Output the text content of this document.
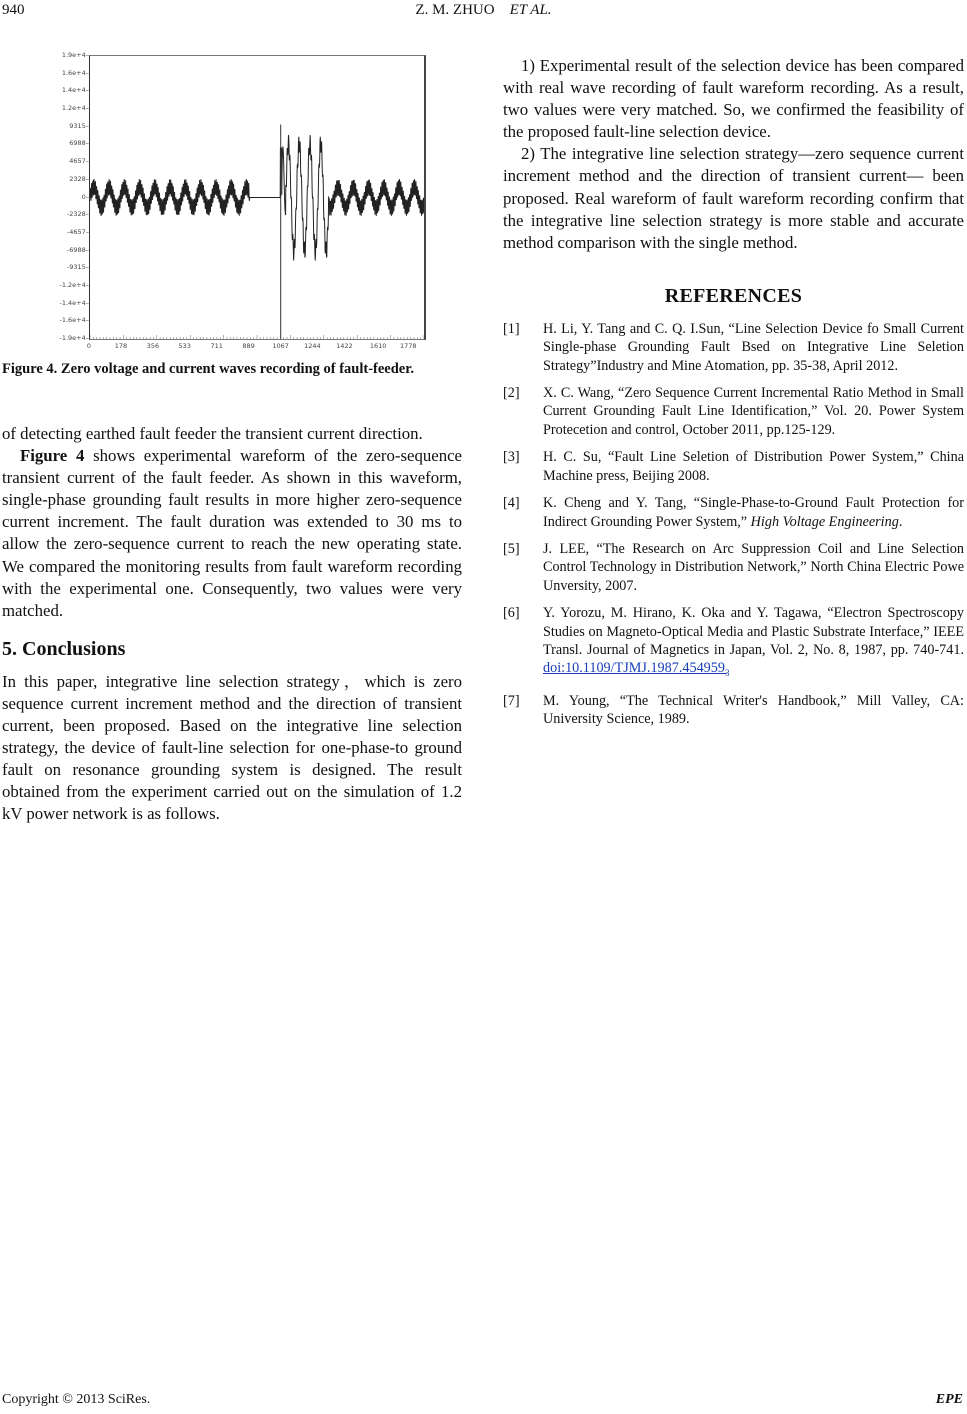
940	Z. M. ZHUO ET AL.
1.9e+4–
1.6e+4–
1.4e+4–
1.2e+4–
9315–
6988–
4657–
2328–
0–
-2328–
-4657–
-6988–
-9315–
-1.2e+4–
-1.4e+4–
-1.6e+4–
-1.9e+4–
0	178	356	533	711	889	1067 1244 1422	1610 1778
Figure 4. Zero voltage and current waves recording of fault-feeder.

of detecting earthed fault feeder the transient current direction.

Figure 4 shows experimental wareform of the zero-sequence transient current of the fault feeder. As shown in this waveform, single-phase grounding fault results in more higher zero-sequence current increment. The fault duration was extended to 30 ms to allow the zero-sequence current to reach the new operating state. We compared the monitoring results from fault wareform recording with the experimental one. Consequently, two values were very matched.

5. Conclusions

In this paper, integrative line selection strategy，which is zero sequence current increment method and the direction of transient current, been proposed. Based on the integrative line selection strategy, the device of fault-line selection for one-phase-to ground fault on resonance grounding system is designed. The result obtained from the experiment carried out on the simulation of 1.2 kV power network is as follows.

1) Experimental result of the selection device has been compared with real wave recording of fault wareform recording. As a result, two values were very matched. So, we confirmed the feasibility of the proposed fault-line selection device.

2) The integrative line selection strategy—zero sequence current increment method and the direction of transient current— been proposed. Real wareform of fault wareform recording confirm that the integrative line selection strategy is more stable and accurate method comparison with the single method.

REFERENCES
[1] H. Li, Y. Tang and C. Q. I.Sun, “Line Selection Device fo Small Current Single-phase Grounding Fault Bsed on Integrative Line Seletion Strategy”Industry and Mine Atomation, pp. 35-38, April 2012.
[2] X. C. Wang, “Zero Sequence Current Incremental Ratio Method in Small Current Grounding Fault Line Identification,” Vol. 20. Power System Protecetion and control, October 2011, pp.125-129.
[3] H. C. Su, “Fault Line Seletion of Distribution Power System,” China Machine press, Beijing 2008.
[4] K. Cheng and Y. Tang, “Single-Phase-to-Ground Fault Protection for Indirect Grounding Power System,” High Voltage Engineering.
[5] J. LEE, “The Research on Arc Suppression Coil and Line Selection Control Technology in Distribution Network,” North China Electric Powe Unversity, 2007.
[6] Y. Yorozu, M. Hirano, K. Oka and Y. Tagawa, “Electron Spectroscopy Studies on Magneto-Optical Media and Plastic Substrate Interface,” IEEE Transl. Journal of Magnetics in Japan, Vol. 2, No. 8, 1987, pp. 740-741. $doi:10.1109/TJMJ.1987.454959_3$
[7] M. Young, “The Technical Writer's Handbook,” Mill Valley, CA: University Science, 1989.
Copyright © 2013 SciRes.	EPE
